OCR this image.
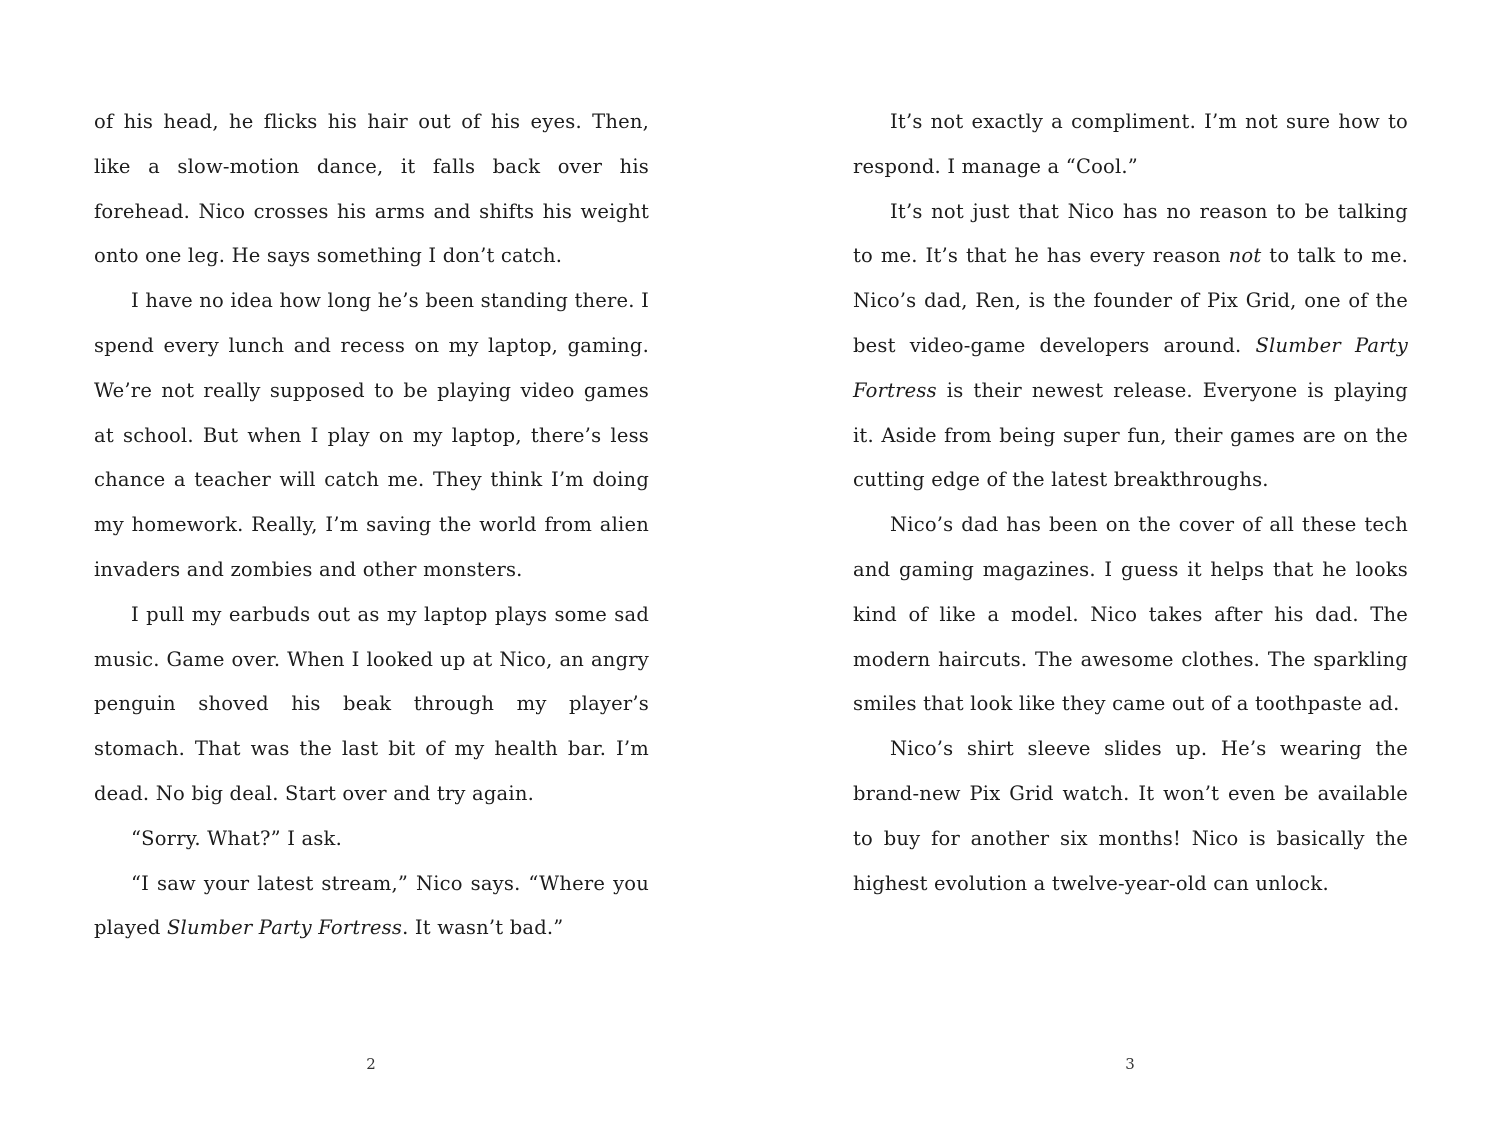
of his head, he flicks his hair out of his eyes. Then, like a slow-motion dance, it falls back over his forehead. Nico crosses his arms and shifts his weight onto one leg. He says something I don’t catch.

I have no idea how long he’s been standing there. I spend every lunch and recess on my laptop, gaming. We’re not really supposed to be playing video games at school. But when I play on my laptop, there’s less chance a teacher will catch me. They think I’m doing my homework. Really, I’m saving the world from alien invaders and zombies and other monsters.

I pull my earbuds out as my laptop plays some sad music. Game over. When I looked up at Nico, an angry penguin shoved his beak through my player’s stomach. That was the last bit of my health bar. I’m dead. No big deal. Start over and try again.

“Sorry. What?” I ask.

“I saw your latest stream,” Nico says. “Where you played Slumber Party Fortress. It wasn’t bad.”

2

It’s not exactly a compliment. I’m not sure how to respond. I manage a “Cool.”

It’s not just that Nico has no reason to be talking to me. It’s that he has every reason not to talk to me. Nico’s dad, Ren, is the founder of Pix Grid, one of the best video-game developers around. Slumber Party Fortress is their newest release. Everyone is playing it. Aside from being super fun, their games are on the cutting edge of the latest breakthroughs.

Nico’s dad has been on the cover of all these tech and gaming magazines. I guess it helps that he looks kind of like a model. Nico takes after his dad. The modern haircuts. The awesome clothes. The sparkling smiles that look like they came out of a toothpaste ad.

Nico’s shirt sleeve slides up. He’s wearing the brand-new Pix Grid watch. It won’t even be available to buy for another six months! Nico is basically the highest evolution a twelve-year-old can unlock.

3
